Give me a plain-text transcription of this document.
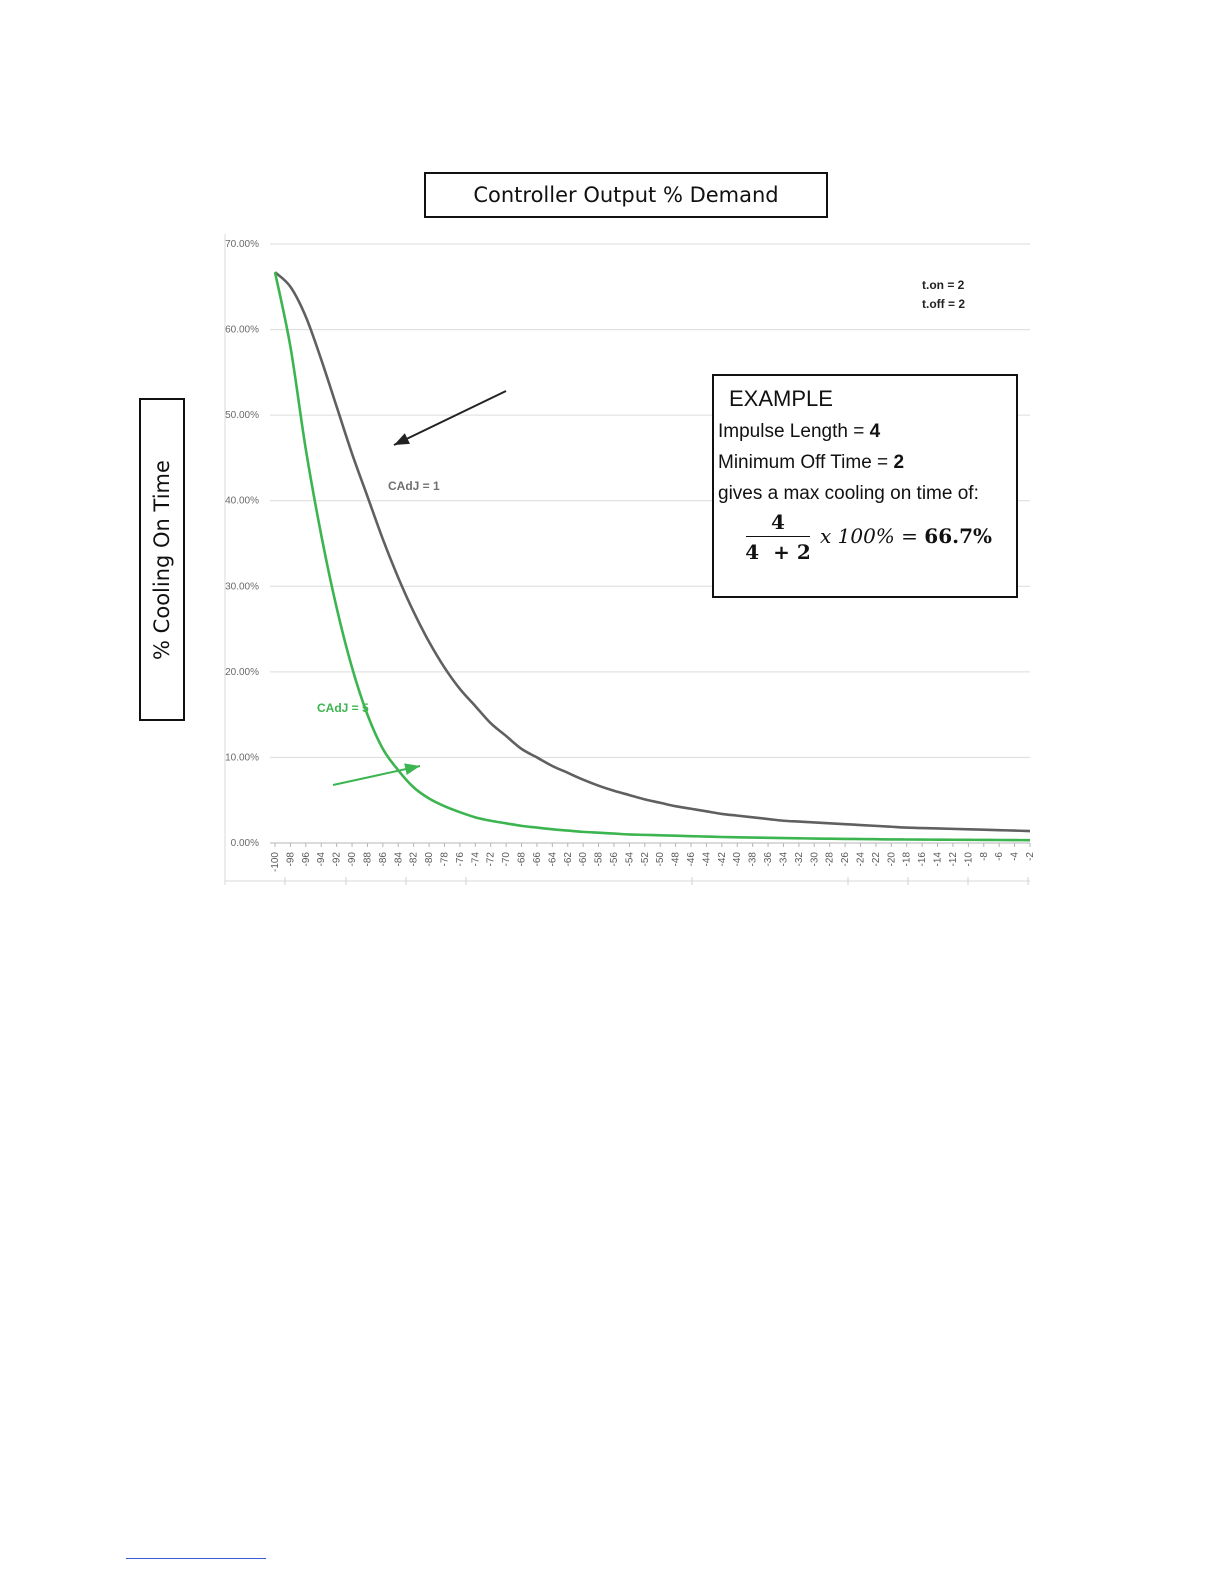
Controller Output % Demand
% Cooling On Time
70.00%
60.00%
50.00%
40.00%
30.00%
20.00%
10.00%
0.00%
-100 -98 -96 -94 -92 -90 -88 -86 -84 -82 -80 -78 -76 -74 -72 -70 -68 -66 -64 -62 -60 -58 -56 -54 -52 -50 -48 -46 -44 -42 -40 -38 -36 -34 -32 -30 -28 -26 -24 -22 -20 -18 -16 -14 -12 -10 -8 -6 -4 -2
CAdJ = 1
CAdJ = 5
t.on = 2
t.off = 2
EXAMPLE
Impulse Length = 4
Minimum Off Time = 2
gives a max cooling on time of:
4
4  + 2
x 100% = 66.7%
